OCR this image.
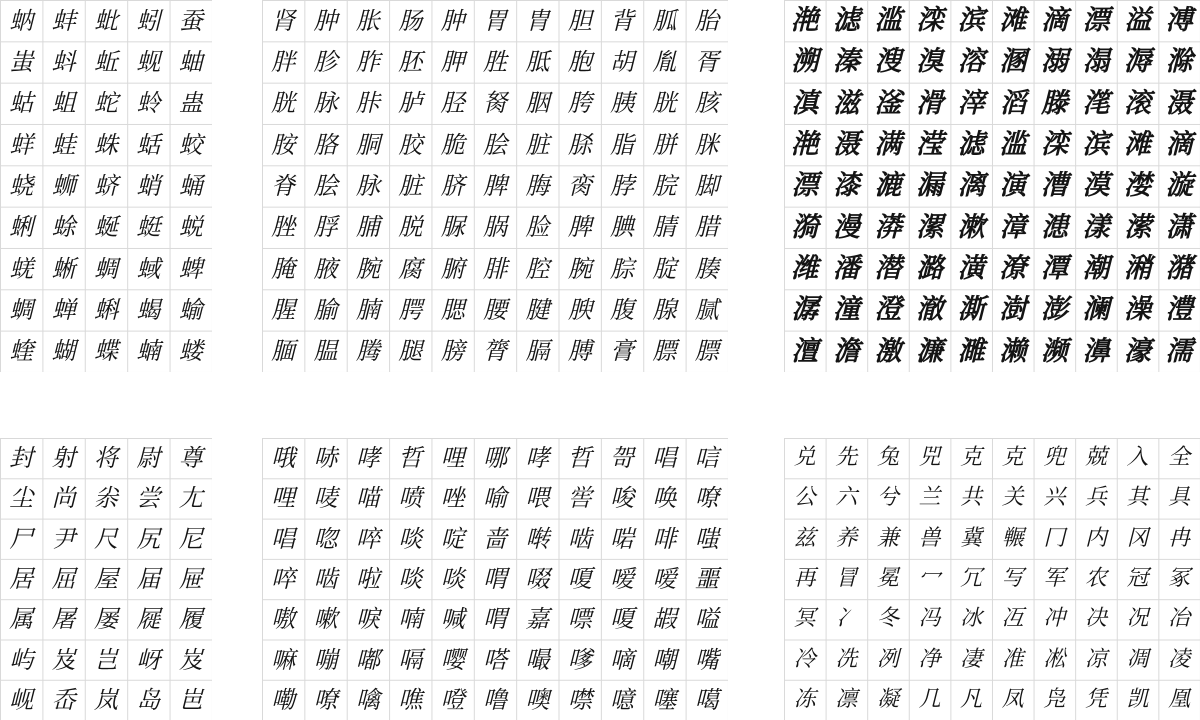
蚋 蚌 蚍 蚓 蚕
蚩 蚪 蚯 蚬 蚰
蛄 蛆 蛇 蛉 蛊
蛘 蛙 蛛 蛞 蛟
蛲 蛳 蛴 蛸 蛹
蜊 蜍 蜒 蜓 蜕
蜣 蜥 蜩 蜮 蜱
蜩 蝉 蝌 蝎 蝓
蝰 蝴 蝶 蝻 蝼
肾 肿 胀 肠 肿 胃 胄 胆 背 胍 胎
胖 胗 胙 胚 胛 胜 胝 胞 胡 胤 胥
胱 脉 胩 胪 胫 胬 胭 胯 胰 胱 胲
胺 胳 胴 胶 脆 脍 脏 脎 脂 胼 脒
脊 脍 脉 脏 脐 脾 脢 脔 脖 脘 脚
脞 脬 脯 脱 脲 脶 脸 脾 腆 腈 腊
腌 腋 腕 腐 腑 腓 腔 腕 腙 腚 腠
腥 腧 腩 腭 腮 腰 腱 腴 腹 腺 腻
腼 腽 腾 腿 膀 膂 膈 膊 膏 膘 膘
滟 滤 滥 滦 滨 滩 滴 漂 溢 溥
溯 溱 溲 溴 溶 溷 溺 溻 溽 滁
滇 滋 滏 滑 滓 滔 滕 滗 滚 滠
滟 滠 满 滢 滤 滥 滦 滨 滩 滴
漂 漆 漉 漏 漓 演 漕 漠 漤 漩
漪 漫 漭 漯 漱 漳 漶 漾 潆 潇
潍 潘 潜 潞 潢 潦 潭 潮 潲 潴
潺 潼 澄 澈 澌 澍 澎 澜 澡 澧
澶 澹 激 濂 濉 濑 濒 濞 濠 濡
封 射 将 尉 尊
尘 尚 尜 尝 尢
尸 尹 尺 尻 尼
居 屈 屋 届 屉
属 屠 屡 屣 履
屿 岌 岂 岈 岌
岘 岙 岚 岛 岜
哦 哧 哮 哲 哩 哪 哮 哲 哿 唱 唁
哩 唛 喵 喷 唑 喻 喂 喾 唆 唤 嘹
唱 唿 啐 啖 啶 啬 啭 啮 啱 啡 嗤
啐 啮 啦 啖 啖 喟 啜 嗄 嗳 嗳 噩
嗷 嗽 唳 喃 喊 喟 嘉 嘌 嗄 嘏 嗌
嘛 嘣 嘟 嗝 嘤 嗒 嘬 嗲 嘀 嘲 嘴
嘞 嘹 噙 噍 噔 噜 噢 噤 噫 噻 噶
兑 先 兔 兕 克 克 兜 兢 入 全
公 六 兮 兰 共 关 兴 兵 其 具
兹 养 兼 兽 冀 冁 冂 内 冈 冉
再 冒 冕 冖 冗 写 军 农 冠 冢
冥 冫 冬 冯 冰 冱 冲 决 况 冶
冷 冼 冽 净 凄 准 凇 凉 凋 凌
冻 凛 凝 几 凡 凤 凫 凭 凯 凰
